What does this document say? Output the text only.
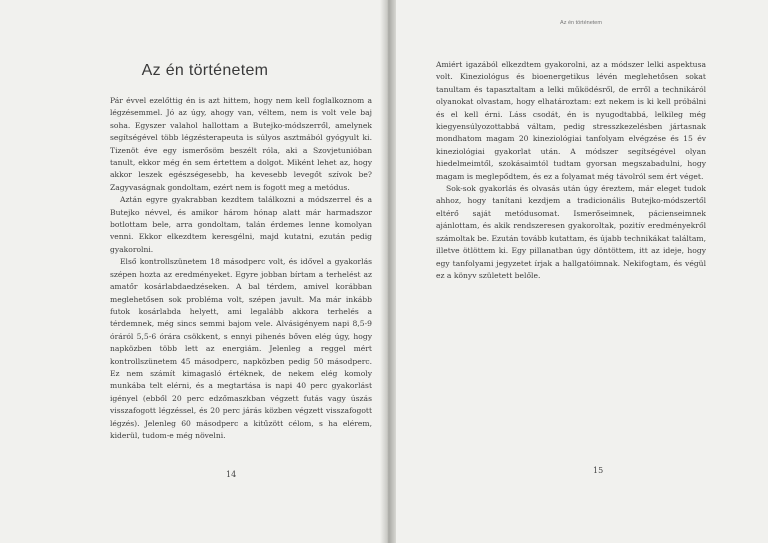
Az én történetem

Pár évvel ezelőttig én is azt hittem, hogy nem kell foglalkoznom a légzésemmel. Jó az úgy, ahogy van, véltem, nem is volt vele baj soha. Egyszer valahol hallottam a Butejko-módszerről, amelynek segítségével több légzésterapeuta is súlyos asztmából gyógyult ki. Tizenöt éve egy ismerősöm beszélt róla, aki a Szovjetunióban tanult, ekkor még én sem értettem a dolgot. Miként lehet az, hogy akkor leszek egészségesebb, ha kevesebb levegőt szívok be? Zagyvaságnak gondoltam, ezért nem is fogott meg a metódus.

Aztán egyre gyakrabban kezdtem találkozni a módszerrel és a Butejko névvel, és amikor három hónap alatt már harmadszor botlottam bele, arra gondoltam, talán érdemes lenne komolyan venni. Ekkor elkezdtem keresgélni, majd kutatni, ezután pedig gyakorolni.

Első kontrollszünetem 18 másodperc volt, és idővel a gyakorlás szépen hozta az eredményeket. Egyre jobban bírtam a terhelést az amatőr kosárlabdaedzéseken. A bal térdem, amivel korábban meglehetősen sok probléma volt, szépen javult. Ma már inkább futok kosárlabda helyett, ami legalább akkora terhelés a térdemnek, még sincs semmi bajom vele. Alvásigényem napi 8,5-9 óráról 5,5-6 órára csökkent, s ennyi pihenés bőven elég úgy, hogy napközben több lett az energiám. Jelenleg a reggel mért kontrollszünetem 45 másodperc, napközben pedig 50 másodperc. Ez nem számít kimagasló értéknek, de nekem elég komoly munkába telt elérni, és a megtartása is napi 40 perc gyakorlást igényel (ebből 20 perc edzőmaszkban végzett futás vagy úszás visszafogott légzéssel, és 20 perc járás közben végzett visszafogott légzés). Jelenleg 60 másodperc a kitűzött célom, s ha elérem, kiderül, tudom-e még növelni.

14
Az én történetem

Amiért igazából elkezdtem gyakorolni, az a módszer lelki aspektusa volt. Kineziológus és bioenergetikus lévén meglehetősen sokat tanultam és tapasztaltam a lelki működésről, de erről a technikáról olyanokat olvastam, hogy elhatároztam: ezt nekem is ki kell próbálni és el kell érni. Láss csodát, én is nyugodtabbá, lelkileg még kiegyensúlyozottabbá váltam, pedig stresszkezelésben jártasnak mondhatom magam 20 kineziológiai tanfolyam elvégzése és 15 év kineziológiai gyakorlat után. A módszer segítségével olyan hiedelmeimtől, szokásaimtól tudtam gyorsan megszabadulni, hogy magam is meglepődtem, és ez a folyamat még távolról sem ért véget.

Sok-sok gyakorlás és olvasás után úgy éreztem, már eleget tudok ahhoz, hogy tanítani kezdjem a tradicionális Butejko-módszertől eltérő saját metódusomat. Ismerőseimnek, pácienseimnek ajánlottam, és akik rendszeresen gyakoroltak, pozitív eredményekről számoltak be. Ezután tovább kutattam, és újabb technikákat találtam, illetve ötlöttem ki. Egy pillanatban úgy döntöttem, itt az ideje, hogy egy tanfolyami jegyzetet írjak a hallgatóimnak. Nekifogtam, és végül ez a könyv született belőle.

15
